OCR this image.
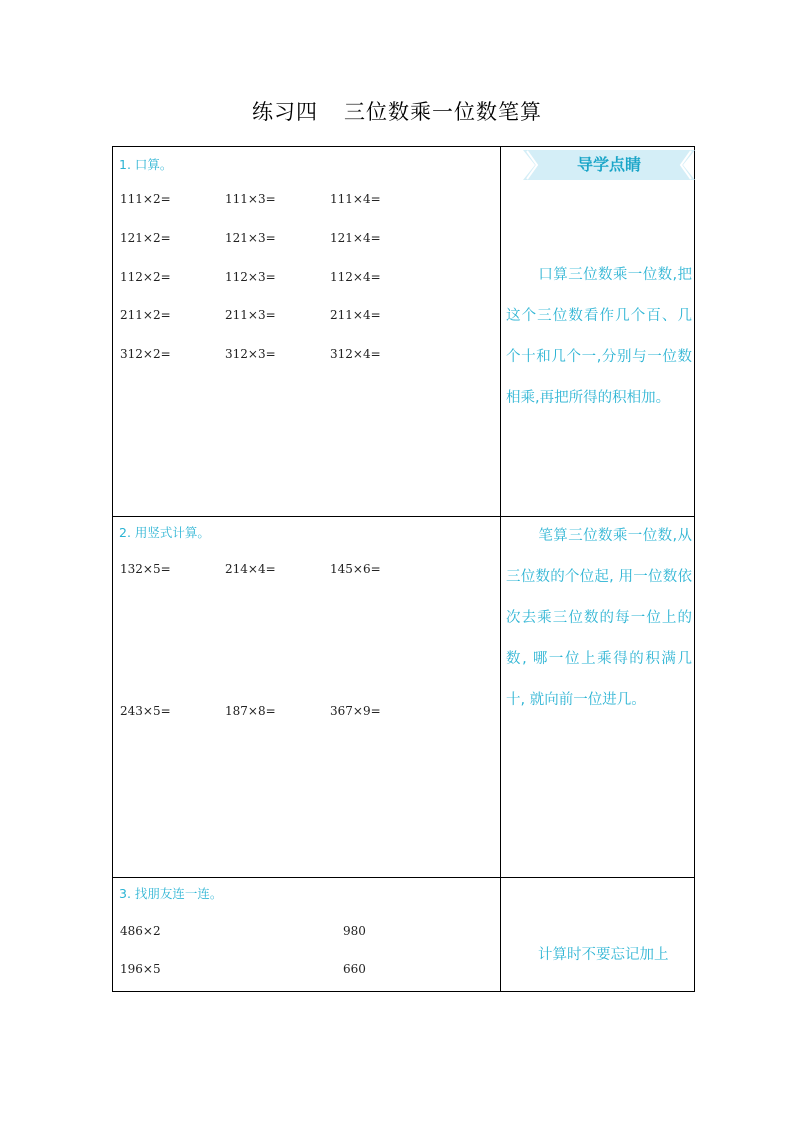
练习四 三位数乘一位数笔算
1. 口算。
111×2=	111×3=	111×4=
121×2=	121×3=	121×4=
112×2=	112×3=	112×4=
211×2=	211×3=	211×4=
312×2=	312×3=	312×4=
导学点睛
口算三位数乘一位数,把这个三位数看作几个百、几个十和几个一,分别与一位数相乘,再把所得的积相加。
2. 用竖式计算。
132×5=	214×4=	145×6=
243×5=	187×8=	367×9=
笔算三位数乘一位数,从三位数的个位起, 用一位数依次去乘三位数的每一位上的数, 哪一位上乘得的积满几十, 就向前一位进几。
3. 找朋友连一连。
486×2	980
196×5	660
计算时不要忘记加上
